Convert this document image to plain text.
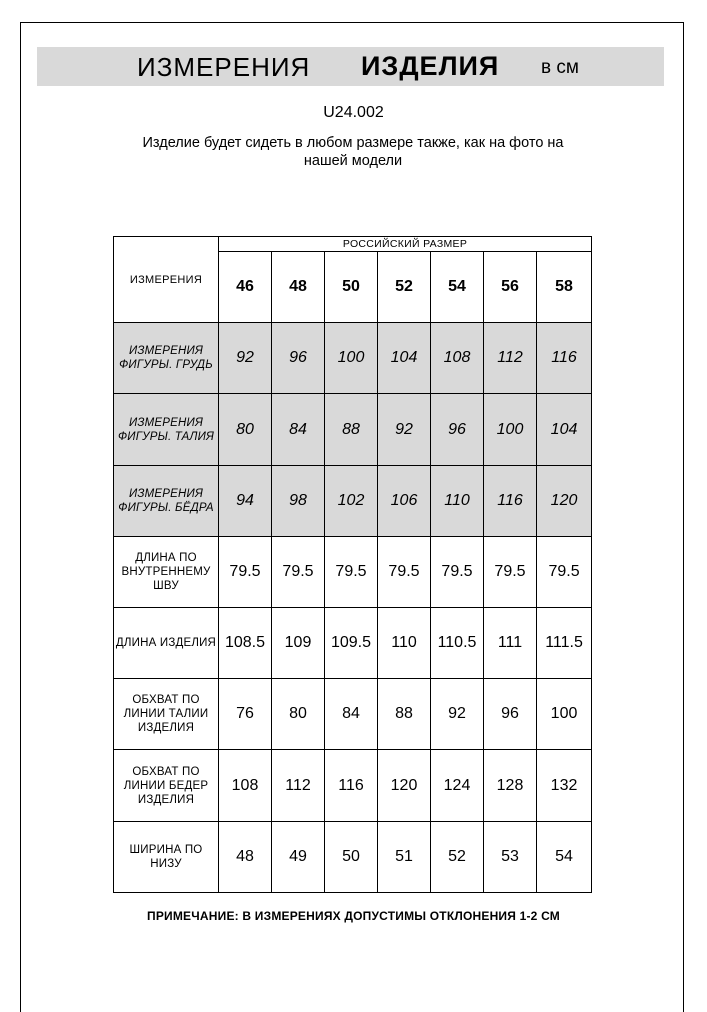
ИЗМЕРЕНИЯ ИЗДЕЛИЯ в см
U24.002
Изделие будет сидеть в любом размере также, как на фото на
нашей модели
ИЗМЕРЕНИЯ	РОССИЙСКИЙ РАЗМЕР						
	46	48	50	52	54	56	58

ИЗМЕРЕНИЯ
ФИГУРЫ. ГРУДЬ	92	96	100	104	108	112	116

ИЗМЕРЕНИЯ
ФИГУРЫ. ТАЛИЯ	80	84	88	92	96	100	104

ИЗМЕРЕНИЯ
ФИГУРЫ. БЁДРА	94	98	102	106	110	116	120

ДЛИНА ПО
ВНУТРЕННЕМУ
ШВУ	79.5	79.5	79.5	79.5	79.5	79.5	79.5

ДЛИНА ИЗДЕЛИЯ	108.5	109	109.5	110	110.5	111	111.5

ОБХВАТ ПО
ЛИНИИ ТАЛИИ
ИЗДЕЛИЯ	76	80	84	88	92	96	100

ОБХВАТ ПО
ЛИНИИ БЕДЕР
ИЗДЕЛИЯ	108	112	116	120	124	128	132

ШИРИНА ПО
НИЗУ	48	49	50	51	52	53	54
ПРИМЕЧАНИЕ: В ИЗМЕРЕНИЯХ ДОПУСТИМЫ ОТКЛОНЕНИЯ 1-2 СМ
